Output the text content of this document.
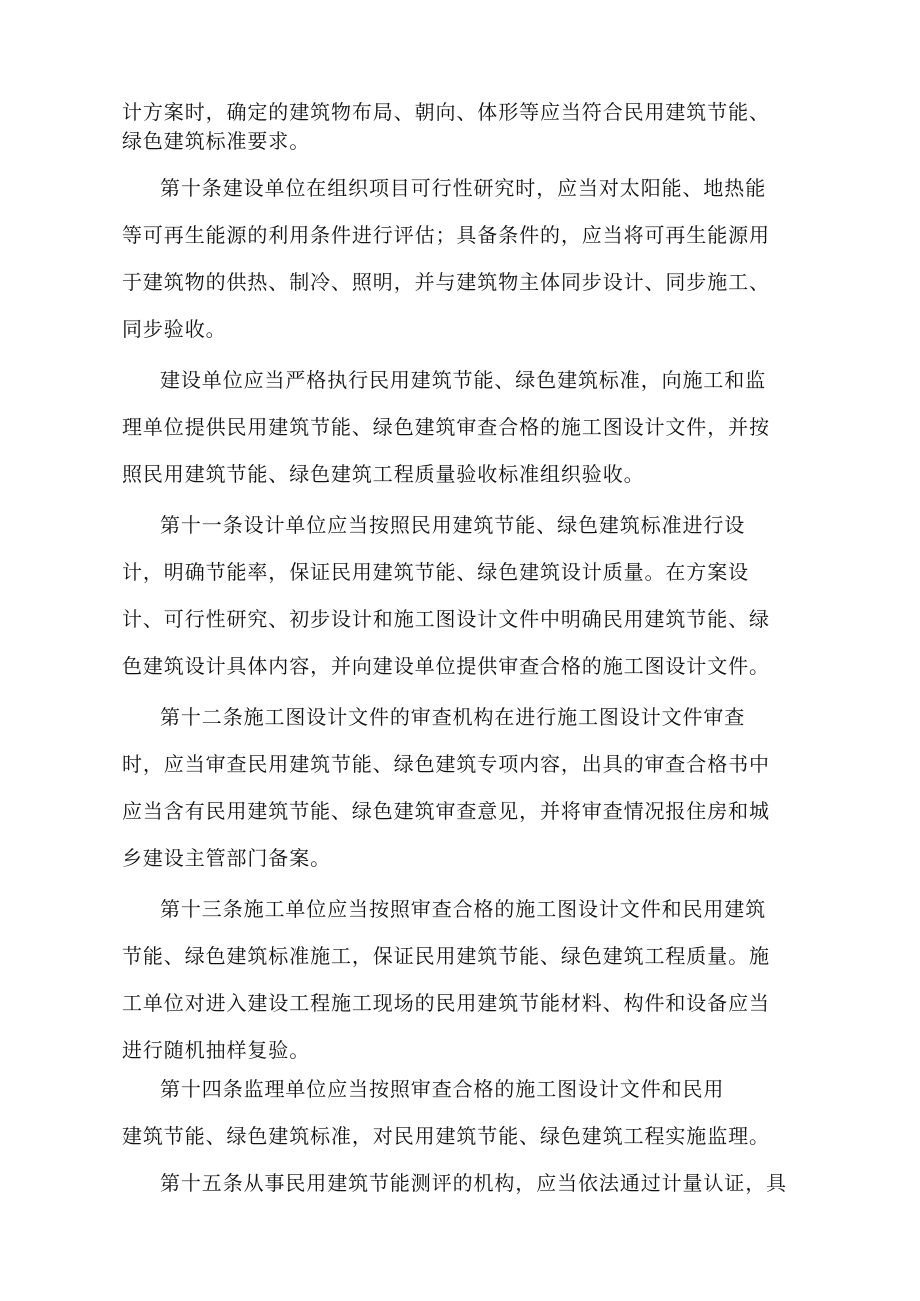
计方案时，确定的建筑物布局、朝向、体形等应当符合民用建筑节能、
绿色建筑标准要求。
第十条建设单位在组织项目可行性研究时，应当对太阳能、地热能
等可再生能源的利用条件进行评估；具备条件的，应当将可再生能源用
于建筑物的供热、制冷、照明，并与建筑物主体同步设计、同步施工、
同步验收。
建设单位应当严格执行民用建筑节能、绿色建筑标准，向施工和监
理单位提供民用建筑节能、绿色建筑审查合格的施工图设计文件，并按
照民用建筑节能、绿色建筑工程质量验收标准组织验收。
第十一条设计单位应当按照民用建筑节能、绿色建筑标准进行设
计，明确节能率，保证民用建筑节能、绿色建筑设计质量。在方案设
计、可行性研究、初步设计和施工图设计文件中明确民用建筑节能、绿
色建筑设计具体内容，并向建设单位提供审查合格的施工图设计文件。
第十二条施工图设计文件的审查机构在进行施工图设计文件审查
时，应当审查民用建筑节能、绿色建筑专项内容，出具的审查合格书中
应当含有民用建筑节能、绿色建筑审查意见，并将审查情况报住房和城
乡建设主管部门备案。
第十三条施工单位应当按照审查合格的施工图设计文件和民用建筑
节能、绿色建筑标准施工，保证民用建筑节能、绿色建筑工程质量。施
工单位对进入建设工程施工现场的民用建筑节能材料、构件和设备应当
进行随机抽样复验。
第十四条监理单位应当按照审查合格的施工图设计文件和民用
建筑节能、绿色建筑标准，对民用建筑节能、绿色建筑工程实施监理。
第十五条从事民用建筑节能测评的机构，应当依法通过计量认证，具
